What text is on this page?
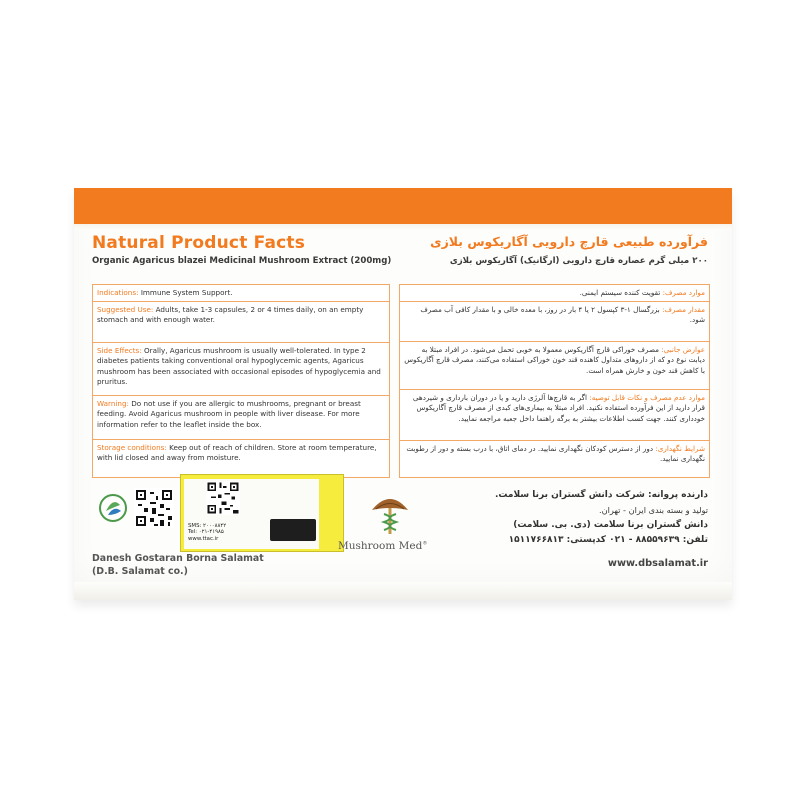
Natural Product Facts
Organic Agaricus blazei Medicinal Mushroom Extract (200mg)
فرآورده طبیعی قارچ دارویی آگاریکوس بلازی
۲۰۰ میلی گرم عصاره قارچ دارویی (ارگانیک) آگاریکوس بلازی
Indications: Immune System Support.
Suggested Use: Adults, take 1-3 capsules, 2 or 4 times daily, on an empty stomach and with enough water.
Side Effects: Orally, Agaricus mushroom is usually well-tolerated. In type 2 diabetes patients taking conventional oral hypoglycemic agents, Agaricus mushroom has been associated with occasional episodes of hypoglycemia and pruritus.
Warning: Do not use if you are allergic to mushrooms, pregnant or breast feeding. Avoid Agaricus mushroom in people with liver disease. For more information refer to the leaflet inside the box.
Storage conditions: Keep out of reach of children. Store at room temperature, with lid closed and away from moisture.
موارد مصرف: تقویت کننده سیستم ایمنی.
مقدار مصرف: بزرگسال ۱-۳ کپسول ۲ یا ۴ بار در روز، با معده خالی و با مقدار کافی آب مصرف شود.
عوارض جانبی: مصرف خوراکی قارچ آگاریکوس معمولا به خوبی تحمل می‌شود. در افراد مبتلا به دیابت نوع دو که از داروهای متداول کاهنده قند خون خوراکی استفاده می‌کنند، مصرف قارچ آگاریکوس با کاهش قند خون و خارش همراه است.
موارد عدم مصرف و نکات قابل توصیه: اگر به قارچ‌ها آلرژی دارید و یا در دوران بارداری و شیردهی قرار دارید از این فرآورده استفاده نکنید. افراد مبتلا به بیماری‌های کبدی از مصرف قارچ آگاریکوس خودداری کنند. جهت کسب اطلاعات بیشتر به برگه راهنما داخل جعبه مراجعه نمایید.
شرایط نگهداری: دور از دسترس کودکان نگهداری نمایید. در دمای اتاق، با درب بسته و دور از رطوبت نگهداری نمایید.
SMS: ۲۰۰۰۸۸۴۲
Tel: ۰۲۱-۴۱۹۸۵
www.ttac.ir
Danesh Gostaran Borna Salamat
(D.B. Salamat co.)
Mushroom Med®
دارنده پروانه: شرکت دانش گستران برنا سلامت.
تولید و بسته بندی ایران - تهران.
دانش گستران برنا سلامت (دی. بی. سلامت)
تلفن: ۸۸۵۵۹۶۳۹ - ۰۲۱ کدپستی: ۱۵۱۱۷۶۶۸۱۳
www.dbsalamat.ir
